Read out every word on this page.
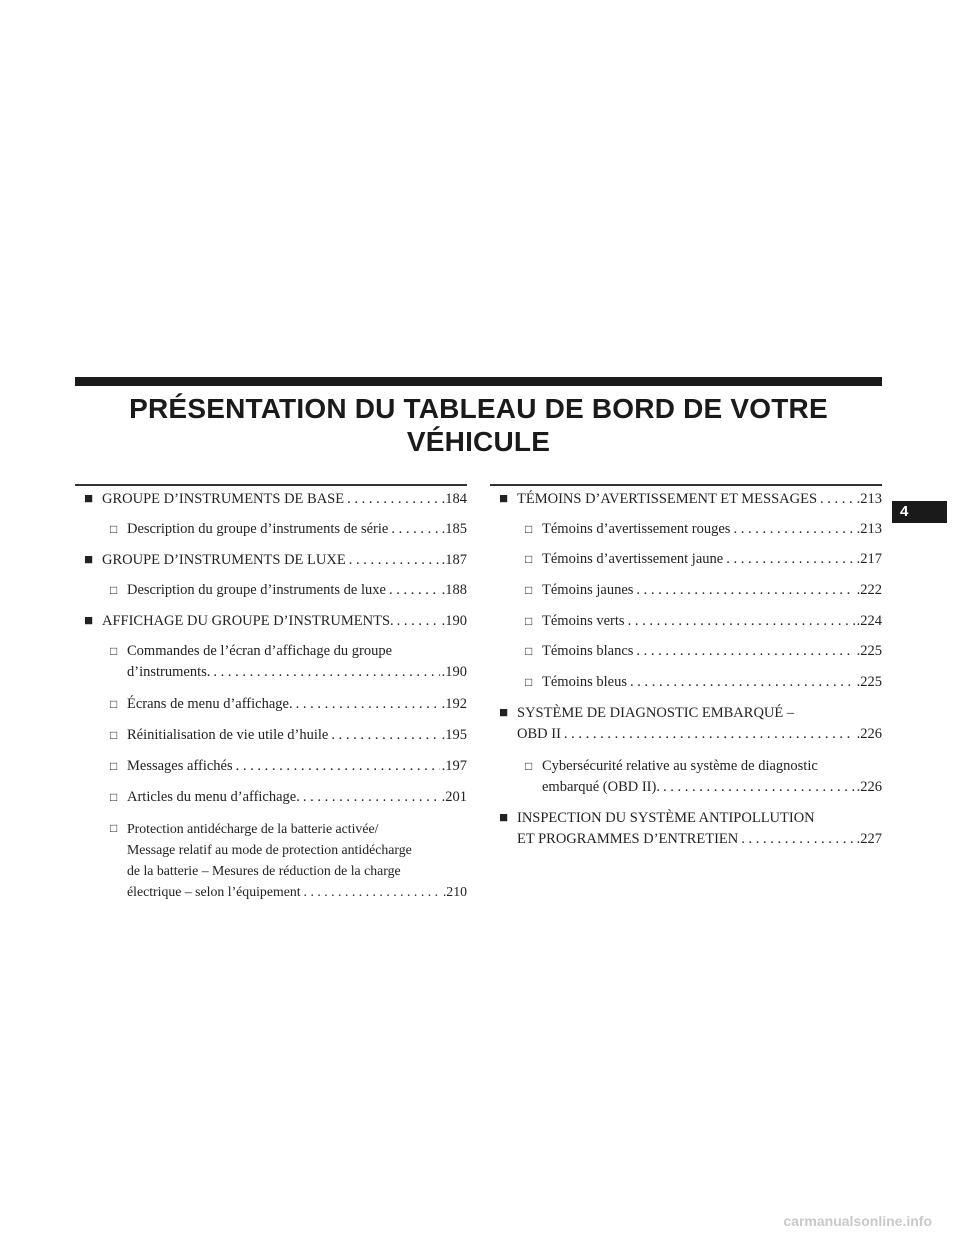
PRÉSENTATION DU TABLEAU DE BORD DE VOTRE
VÉHICULE
4
■ GROUPE D’INSTRUMENTS DE BASE . . .	.184
□ Description du groupe d’instruments de série . . .	.185
■ GROUPE D’INSTRUMENTS DE LUXE . . .	.187
□ Description du groupe d’instruments de luxe . . .	.188
■ AFFICHAGE DU GROUPE D’INSTRUMENTS. . . .	.190
□ Commandes de l’écran d’affichage du groupe
d’instruments. . . .	.190
□ Écrans de menu d’affichage. . . .	.192
□ Réinitialisation de vie utile d’huile . . .	.195
□ Messages affichés . . .	.197
□ Articles du menu d’affichage. . . .	.201
□ Protection antidécharge de la batterie activée/
Message relatif au mode de protection antidécharge
de la batterie – Mesures de réduction de la charge
électrique – selon l’équipement . . .	.210
■ TÉMOINS D’AVERTISSEMENT ET MESSAGES . . .	.213
□ Témoins d’avertissement rouges . . .	.213
□ Témoins d’avertissement jaune . . .	.217
□ Témoins jaunes . . .	.222
□ Témoins verts . . .	.224
□ Témoins blancs . . .	.225
□ Témoins bleus . . .	.225
■ SYSTÈME DE DIAGNOSTIC EMBARQUÉ –
OBD II . . .	.226
□ Cybersécurité relative au système de diagnostic
embarqué (OBD II). . . .	.226
■ INSPECTION DU SYSTÈME ANTIPOLLUTION
ET PROGRAMMES D’ENTRETIEN . . .	.227
carmanualsonline.info
